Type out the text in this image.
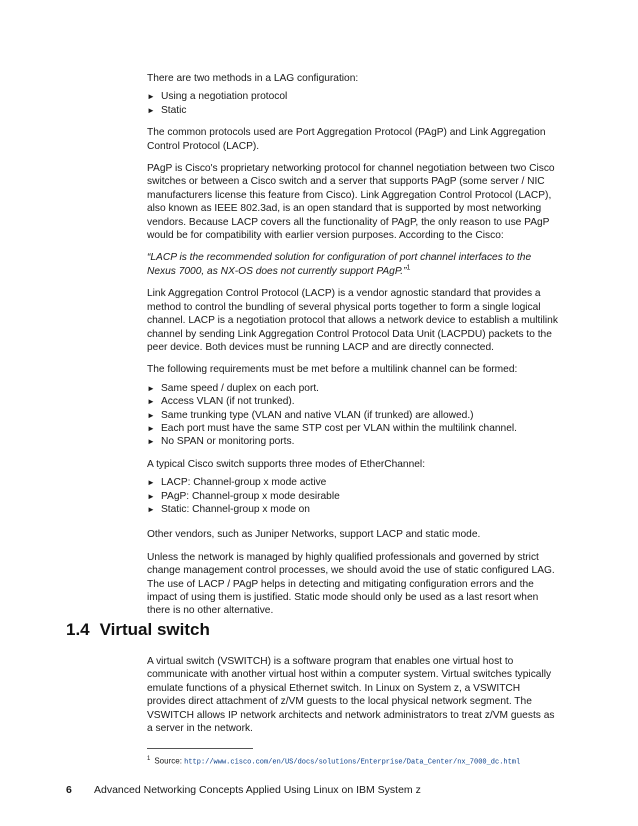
There are two methods in a LAG configuration:

► Using a negotiation protocol
► Static

The common protocols used are Port Aggregation Protocol (PAgP) and Link Aggregation Control Protocol (LACP).

PAgP is Cisco's proprietary networking protocol for channel negotiation between two Cisco switches or between a Cisco switch and a server that supports PAgP (some server / NIC manufacturers license this feature from Cisco). Link Aggregation Control Protocol (LACP), also known as IEEE 802.3ad, is an open standard that is supported by most networking vendors. Because LACP covers all the functionality of PAgP, the only reason to use PAgP would be for compatibility with earlier version purposes. According to the Cisco:

“LACP is the recommended solution for configuration of port channel interfaces to the Nexus 7000, as NX-OS does not currently support PAgP.”$^1$

Link Aggregation Control Protocol (LACP) is a vendor agnostic standard that provides a method to control the bundling of several physical ports together to form a single logical channel. LACP is a negotiation protocol that allows a network device to establish a multilink channel by sending Link Aggregation Control Protocol Data Unit (LACPDU) packets to the peer device. Both devices must be running LACP and are directly connected.

The following requirements must be met before a multilink channel can be formed:

► Same speed / duplex on each port.
► Access VLAN (if not trunked).
► Same trunking type (VLAN and native VLAN (if trunked) are allowed.)
► Each port must have the same STP cost per VLAN within the multilink channel.
► No SPAN or monitoring ports.

A typical Cisco switch supports three modes of EtherChannel:

► LACP: Channel-group x mode active
► PAgP: Channel-group x mode desirable
► Static: Channel-group x mode on

Other vendors, such as Juniper Networks, support LACP and static mode.

Unless the network is managed by highly qualified professionals and governed by strict change management control processes, we should avoid the use of static configured LAG. The use of LACP / PAgP helps in detecting and mitigating configuration errors and the impact of using them is justified. Static mode should only be used as a last resort when there is no other alternative.

1.4 Virtual switch

A virtual switch (VSWITCH) is a software program that enables one virtual host to communicate with another virtual host within a computer system. Virtual switches typically emulate functions of a physical Ethernet switch. In Linux on System z, a VSWITCH provides direct attachment of z/VM guests to the local physical network segment. The VSWITCH allows IP network architects and network administrators to treat z/VM guests as a server in the network.

$^1$ Source: http://www.cisco.com/en/US/docs/solutions/Enterprise/Data_Center/nx_7000_dc.html
6 Advanced Networking Concepts Applied Using Linux on IBM System z
